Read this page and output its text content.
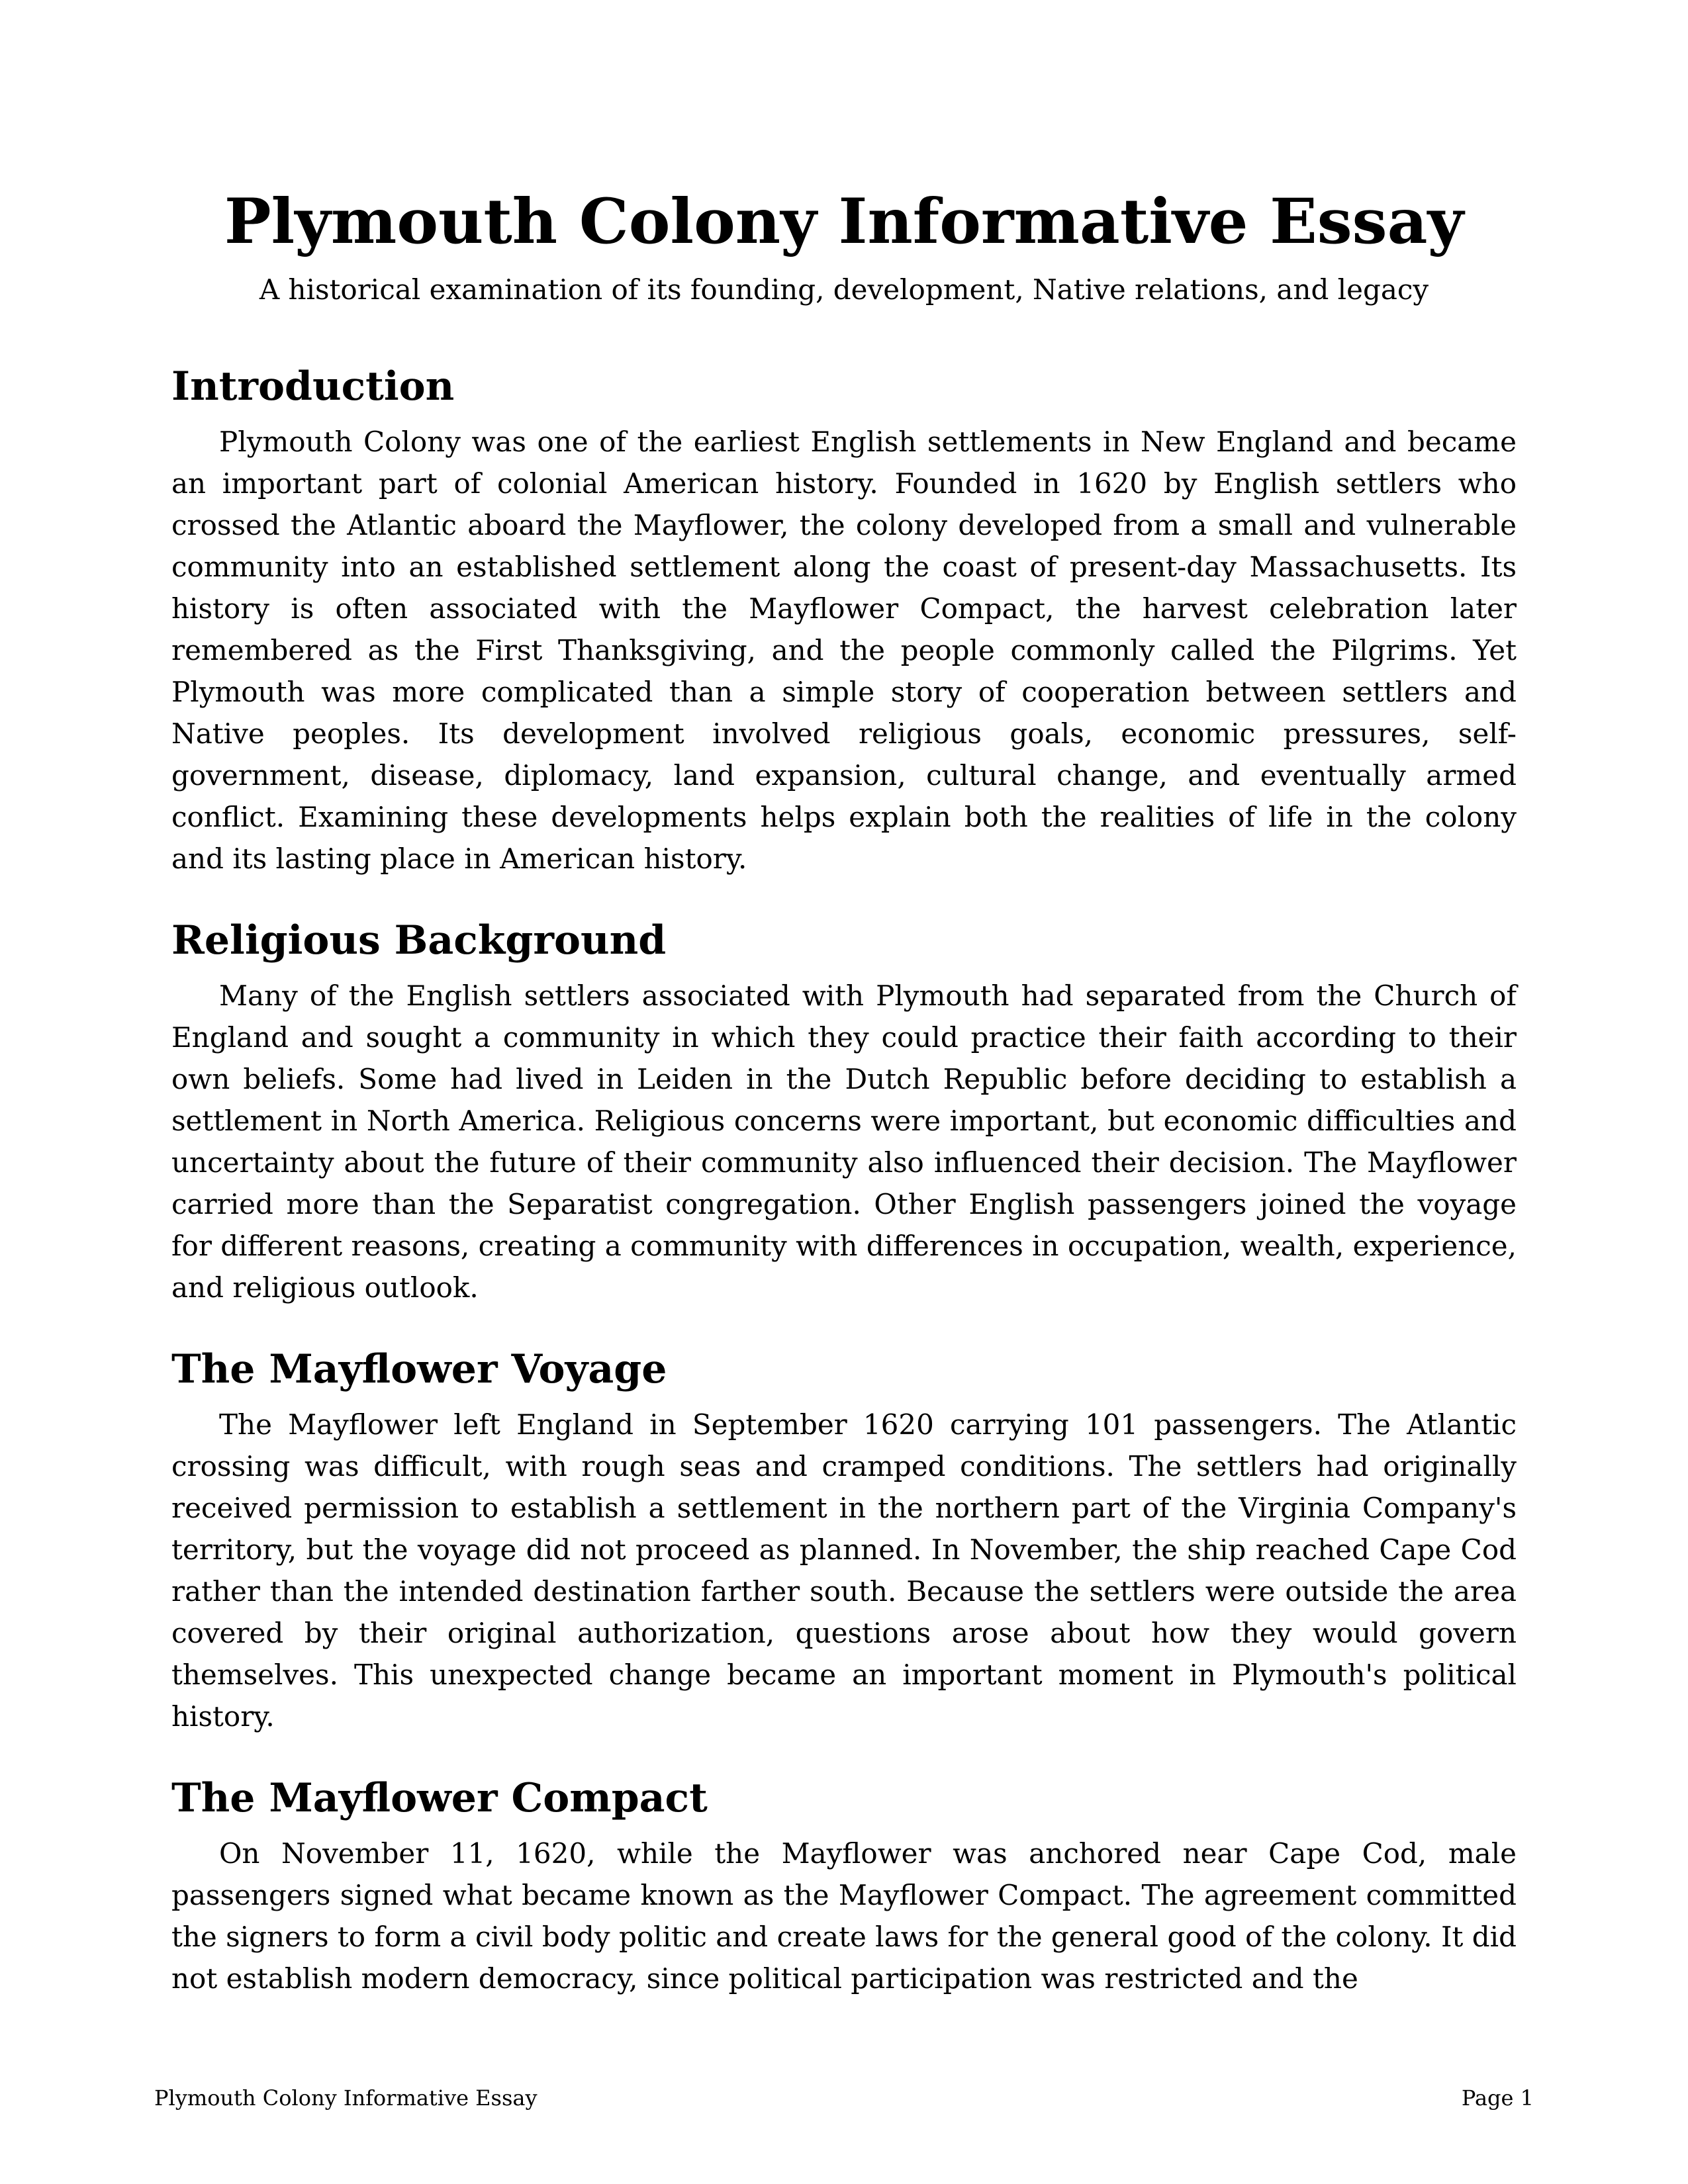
Plymouth Colony Informative Essay
A historical examination of its founding, development, Native relations, and legacy
Introduction

Plymouth Colony was one of the earliest English settlements in New England and became an important part of colonial American history. Founded in 1620 by English settlers who crossed the Atlantic aboard the Mayflower, the colony developed from a small and vulnerable community into an established settlement along the coast of present-day Massachusetts. Its history is often associated with the Mayflower Compact, the harvest celebration later remembered as the First Thanksgiving, and the people commonly called the Pilgrims. Yet Plymouth was more complicated than a simple story of cooperation between settlers and Native peoples. Its development involved religious goals, economic pressures, self-government, disease, diplomacy, land expansion, cultural change, and eventually armed conflict. Examining these developments helps explain both the realities of life in the colony and its lasting place in American history.

Religious Background

Many of the English settlers associated with Plymouth had separated from the Church of England and sought a community in which they could practice their faith according to their own beliefs. Some had lived in Leiden in the Dutch Republic before deciding to establish a settlement in North America. Religious concerns were important, but economic difficulties and uncertainty about the future of their community also influenced their decision. The Mayflower carried more than the Separatist congregation. Other English passengers joined the voyage for different reasons, creating a community with differences in occupation, wealth, experience, and religious outlook.

The Mayflower Voyage

The Mayflower left England in September 1620 carrying 101 passengers. The Atlantic crossing was difficult, with rough seas and cramped conditions. The settlers had originally received permission to establish a settlement in the northern part of the Virginia Company's territory, but the voyage did not proceed as planned. In November, the ship reached Cape Cod rather than the intended destination farther south. Because the settlers were outside the area covered by their original authorization, questions arose about how they would govern themselves. This unexpected change became an important moment in Plymouth's political history.

The Mayflower Compact

On November 11, 1620, while the Mayflower was anchored near Cape Cod, male passengers signed what became known as the Mayflower Compact. The agreement committed the signers to form a civil body politic and create laws for the general good of the colony. It did not establish modern democracy, since political participation was restricted and the

Plymouth Colony Informative Essay	Page 1
